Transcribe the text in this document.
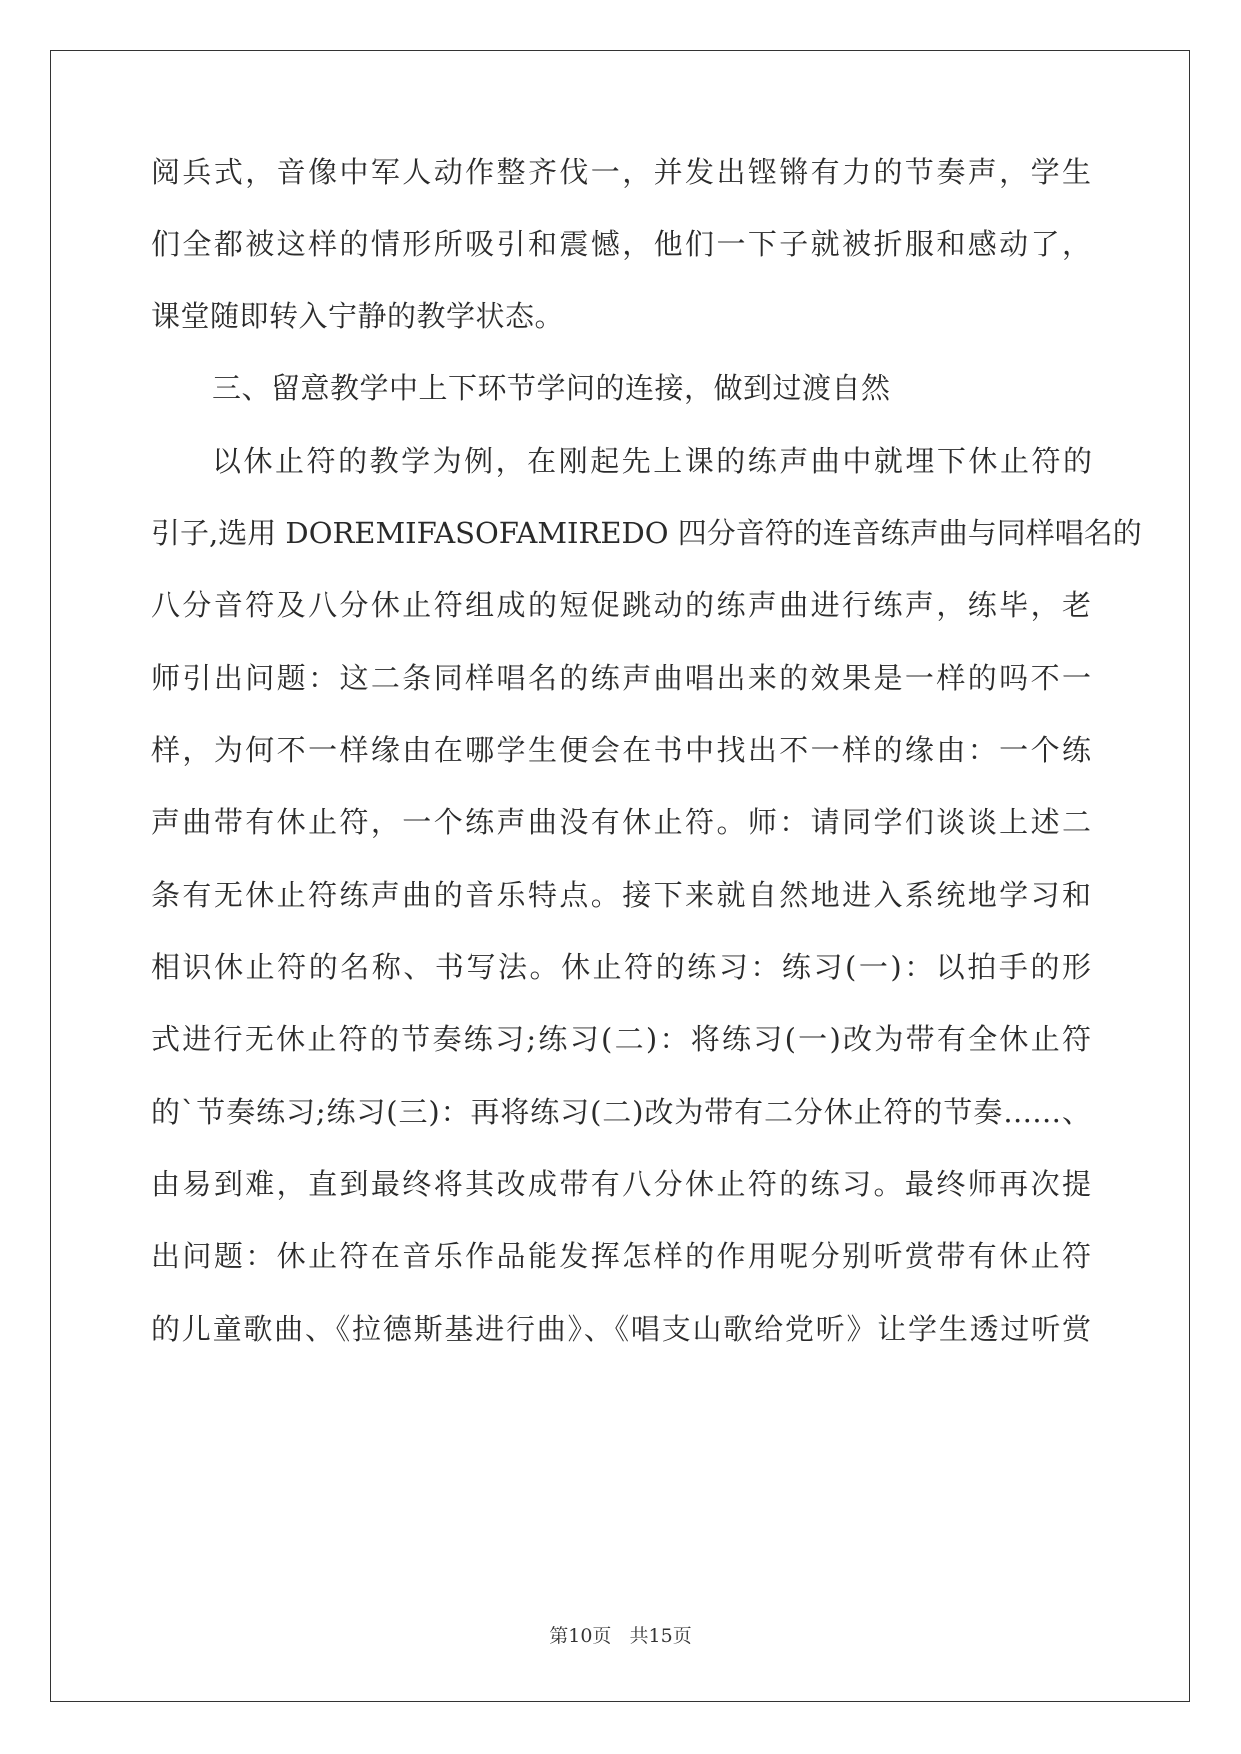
阅兵式，音像中军人动作整齐伐一，并发出铿锵有力的节奏声，学生
们全都被这样的情形所吸引和震憾，他们一下子就被折服和感动了，
课堂随即转入宁静的教学状态。
三、留意教学中上下环节学问的连接，做到过渡自然
以休止符的教学为例，在刚起先上课的练声曲中就埋下休止符的
引子,选用 DOREMIFASOFAMIREDO 四分音符的连音练声曲与同样唱名的
八分音符及八分休止符组成的短促跳动的练声曲进行练声，练毕，老
师引出问题：这二条同样唱名的练声曲唱出来的效果是一样的吗不一
样，为何不一样缘由在哪学生便会在书中找出不一样的缘由：一个练
声曲带有休止符，一个练声曲没有休止符。师：请同学们谈谈上述二
条有无休止符练声曲的音乐特点。接下来就自然地进入系统地学习和
相识休止符的名称、书写法。休止符的练习：练习(一)：以拍手的形
式进行无休止符的节奏练习;练习(二)：将练习(一)改为带有全休止符
的`节奏练习;练习(三)：再将练习(二)改为带有二分休止符的节奏……、
由易到难，直到最终将其改成带有八分休止符的练习。最终师再次提
出问题：休止符在音乐作品能发挥怎样的作用呢分别听赏带有休止符
的儿童歌曲、《拉德斯基进行曲》、《唱支山歌给党听》让学生透过听赏
第10页   共15页
